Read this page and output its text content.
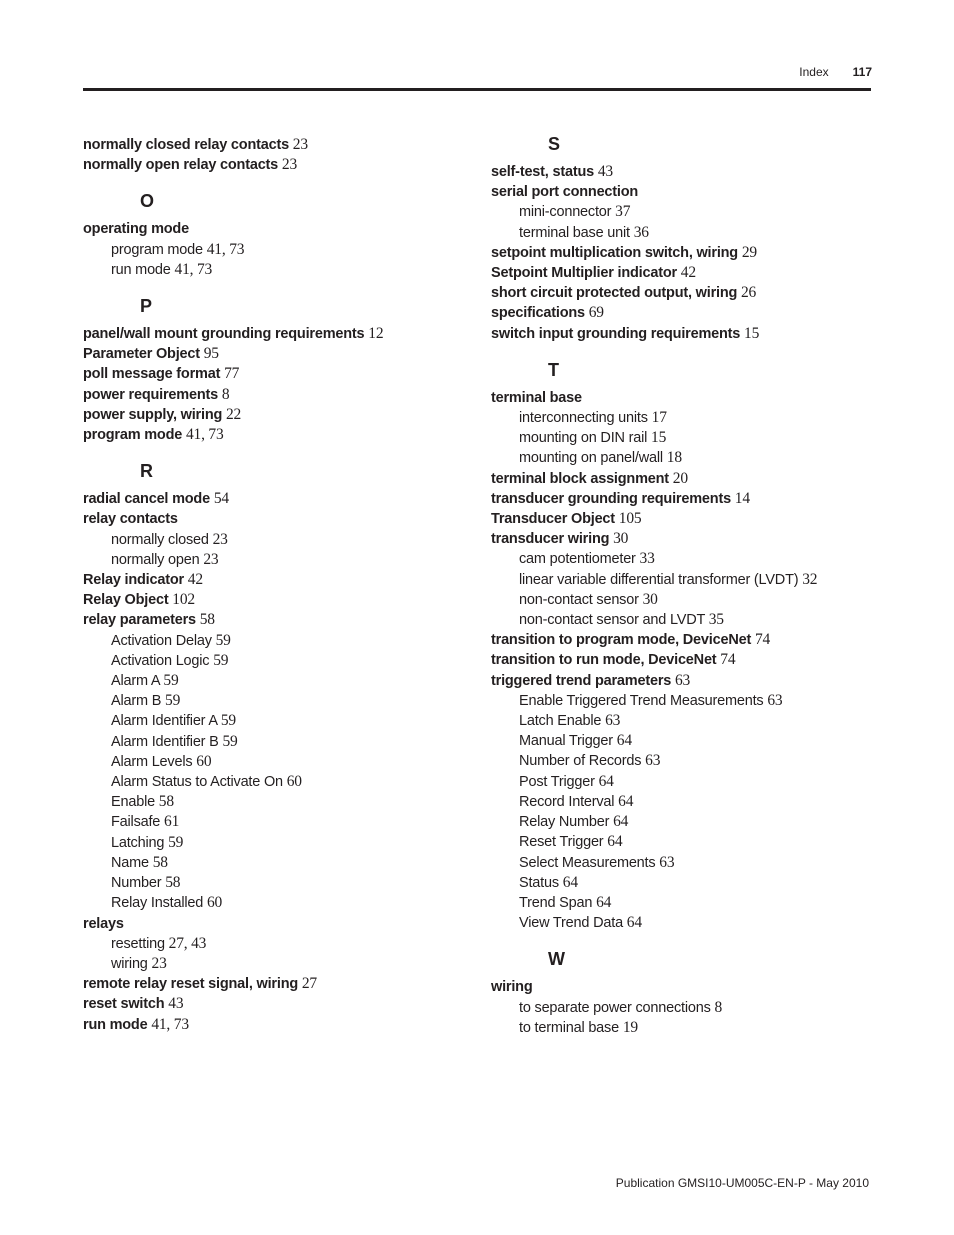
Index 117
normally closed relay contacts 23
normally open relay contacts 23
O
operating mode
program mode 41, 73
run mode 41, 73
P
panel/wall mount grounding requirements 12
Parameter Object 95
poll message format 77
power requirements 8
power supply, wiring 22
program mode 41, 73
R
radial cancel mode 54
relay contacts
normally closed 23
normally open 23
Relay indicator 42
Relay Object 102
relay parameters 58
Activation Delay 59
Activation Logic 59
Alarm A 59
Alarm B 59
Alarm Identifier A 59
Alarm Identifier B 59
Alarm Levels 60
Alarm Status to Activate On 60
Enable 58
Failsafe 61
Latching 59
Name 58
Number 58
Relay Installed 60
relays
resetting 27, 43
wiring 23
remote relay reset signal, wiring 27
reset switch 43
run mode 41, 73
S
self-test, status 43
serial port connection
mini-connector 37
terminal base unit 36
setpoint multiplication switch, wiring 29
Setpoint Multiplier indicator 42
short circuit protected output, wiring 26
specifications 69
switch input grounding requirements 15
T
terminal base
interconnecting units 17
mounting on DIN rail 15
mounting on panel/wall 18
terminal block assignment 20
transducer grounding requirements 14
Transducer Object 105
transducer wiring 30
cam potentiometer 33
linear variable differential transformer (LVDT) 32
non-contact sensor 30
non-contact sensor and LVDT 35
transition to program mode, DeviceNet 74
transition to run mode, DeviceNet 74
triggered trend parameters 63
Enable Triggered Trend Measurements 63
Latch Enable 63
Manual Trigger 64
Number of Records 63
Post Trigger 64
Record Interval 64
Relay Number 64
Reset Trigger 64
Select Measurements 63
Status 64
Trend Span 64
View Trend Data 64
W
wiring
to separate power connections 8
to terminal base 19
Publication GMSI10-UM005C-EN-P - May 2010
